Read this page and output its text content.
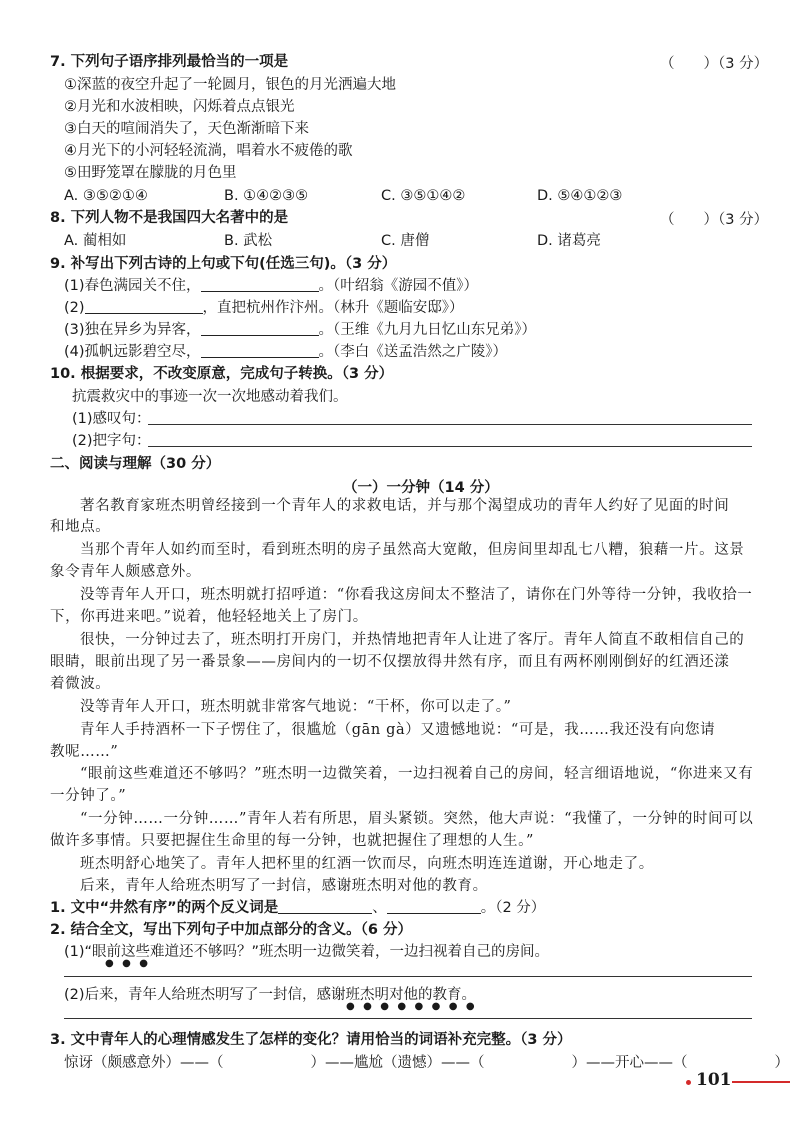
7. 下列句子语序排列最恰当的一项是	（　　）（3 分）
①深蓝的夜空升起了一轮圆月，银色的月光洒遍大地
②月光和水波相映，闪烁着点点银光
③白天的喧闹消失了，天色渐渐暗下来
④月光下的小河轻轻流淌，唱着水不疲倦的歌
⑤田野笼罩在朦胧的月色里
A. ③⑤②①④	B. ①④②③⑤	C. ③⑤①④②	D. ⑤④①②③
8. 下列人物不是我国四大名著中的是	（　　）（3 分）
A. 蔺相如	B. 武松	C. 唐僧	D. 诸葛亮
9. 补写出下列古诗的上句或下句(任选三句)。（3 分）
(1)春色满园关不住，	。（叶绍翁《游园不值》）
(2)	，直把杭州作汴州。（林升《题临安邸》）
(3)独在异乡为异客，	。（王维《九月九日忆山东兄弟》）
(4)孤帆远影碧空尽，	。（李白《送孟浩然之广陵》）
10. 根据要求，不改变原意，完成句子转换。（3 分）
抗震救灾中的事迹一次一次地感动着我们。
(1)感叹句：
(2)把字句：
二、阅读与理解（30 分）
（一）一分钟（14 分）
著名教育家班杰明曾经接到一个青年人的求救电话，并与那个渴望成功的青年人约好了见面的时间
和地点。
当那个青年人如约而至时，看到班杰明的房子虽然高大宽敞，但房间里却乱七八糟，狼藉一片。这景
象令青年人颇感意外。
没等青年人开口，班杰明就打招呼道：“你看我这房间太不整洁了，请你在门外等待一分钟，我收拾一
下，你再进来吧。”说着，他轻轻地关上了房门。
很快，一分钟过去了，班杰明打开房门，并热情地把青年人让进了客厅。青年人简直不敢相信自己的
眼睛，眼前出现了另一番景象——房间内的一切不仅摆放得井然有序，而且有两杯刚刚倒好的红酒还漾
着微波。
没等青年人开口，班杰明就非常客气地说：“干杯，你可以走了。”
青年人手持酒杯一下子愣住了，很尴尬（gān gà）又遗憾地说：“可是，我……我还没有向您请
教呢……”
“眼前这些难道还不够吗？”班杰明一边微笑着，一边扫视着自己的房间，轻言细语地说，“你进来又有
一分钟了。”
“一分钟……一分钟……”青年人若有所思，眉头紧锁。突然，他大声说：“我懂了，一分钟的时间可以
做许多事情。只要把握住生命里的每一分钟，也就把握住了理想的人生。”
班杰明舒心地笑了。青年人把杯里的红酒一饮而尽，向班杰明连连道谢，开心地走了。
后来，青年人给班杰明写了一封信，感谢班杰明对他的教育。
1. 文中“井然有序”的两个反义词是	、	。（2 分）
2. 结合全文，写出下列句子中加点部分的含义。（6 分）
(1)“眼前这些难道还不够吗？”班杰明一边微笑着，一边扫视着自己的房间。
●●●
(2)后来，青年人给班杰明写了一封信，感谢班杰明对他的教育。
●●●●●●●●
3. 文中青年人的心理情感发生了怎样的变化？请用恰当的词语补充完整。（3 分）
惊讶（颇感意外）——（　　　　　　）——尴尬（遗憾）——（　　　　　　）——开心——（　　　　　　）
101
